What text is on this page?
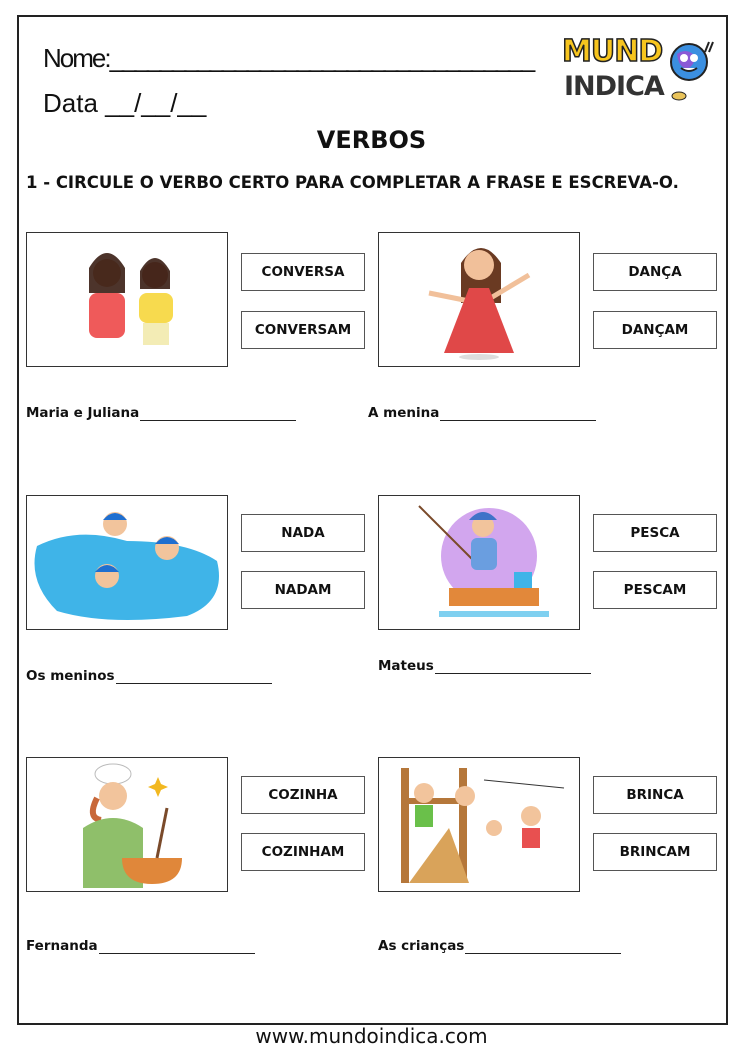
Nome:__________________________________
Data __/__/__
MUND
INDICA
VERBOS
1 - CIRCULE O VERBO CERTO PARA COMPLETAR A FRASE E ESCREVA-O.
CONVERSA
CONVERSAM
DANÇA
DANÇAM
Maria e Juliana	A menina
NADA
NADAM
PESCA
PESCAM
Os meninos
Mateus
COZINHA
COZINHAM
BRINCA
BRINCAM
Fernanda	As crianças
www.mundoindica.com
